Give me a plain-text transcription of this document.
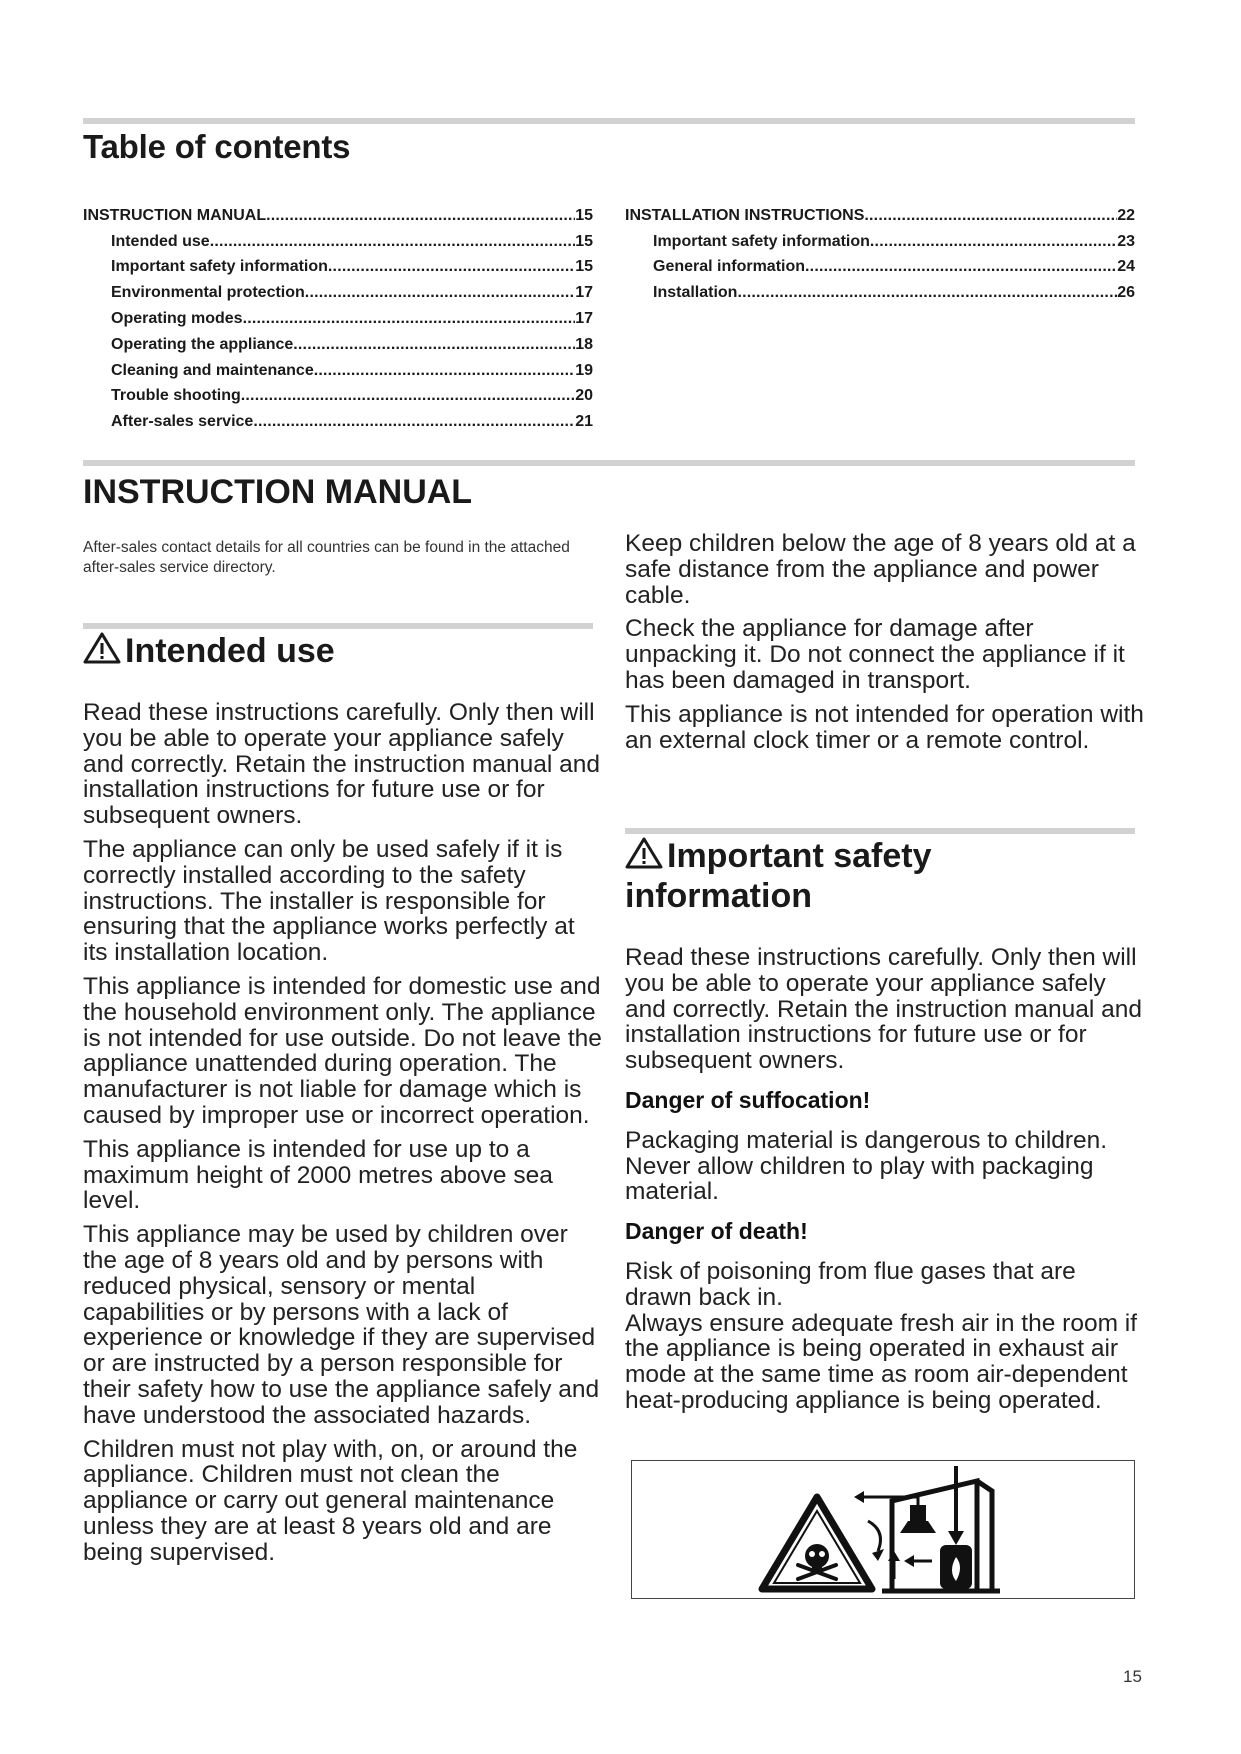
Table of contents
INSTRUCTION MANUAL .....	15
Intended use .....	15
Important safety information .....	15
Environmental protection .....	17
Operating modes .....	17
Operating the appliance .....	18
Cleaning and maintenance .....	19
Trouble shooting .....	20
After-sales service .....	21
INSTALLATION INSTRUCTIONS .....	22
Important safety information .....	23
General information .....	24
Installation .....	26
INSTRUCTION MANUAL
After-sales contact details for all countries can be found in the attached after-sales service directory.
Intended use

Read these instructions carefully. Only then will you be able to operate your appliance safely and correctly. Retain the instruction manual and installation instructions for future use or for subsequent owners.

The appliance can only be used safely if it is correctly installed according to the safety instructions. The installer is responsible for ensuring that the appliance works perfectly at its installation location.

This appliance is intended for domestic use and the household environment only. The appliance is not intended for use outside. Do not leave the appliance unattended during operation. The manufacturer is not liable for damage which is caused by improper use or incorrect operation.

This appliance is intended for use up to a maximum height of 2000 metres above sea level.

This appliance may be used by children over the age of 8 years old and by persons with reduced physical, sensory or mental capabilities or by persons with a lack of experience or knowledge if they are supervised or are instructed by a person responsible for their safety how to use the appliance safely and have understood the associated hazards.

Children must not play with, on, or around the appliance. Children must not clean the appliance or carry out general maintenance unless they are at least 8 years old and are being supervised.

Keep children below the age of 8 years old at a safe distance from the appliance and power cable.

Check the appliance for damage after unpacking it. Do not connect the appliance if it has been damaged in transport.

This appliance is not intended for operation with an external clock timer or a remote control.

Important safety
information

Read these instructions carefully. Only then will you be able to operate your appliance safely and correctly. Retain the instruction manual and installation instructions for future use or for subsequent owners.

Danger of suffocation!

Packaging material is dangerous to children. Never allow children to play with packaging material.

Danger of death!

Risk of poisoning from flue gases that are drawn back in.

Always ensure adequate fresh air in the room if the appliance is being operated in exhaust air mode at the same time as room air-dependent heat-producing appliance is being operated.

15
